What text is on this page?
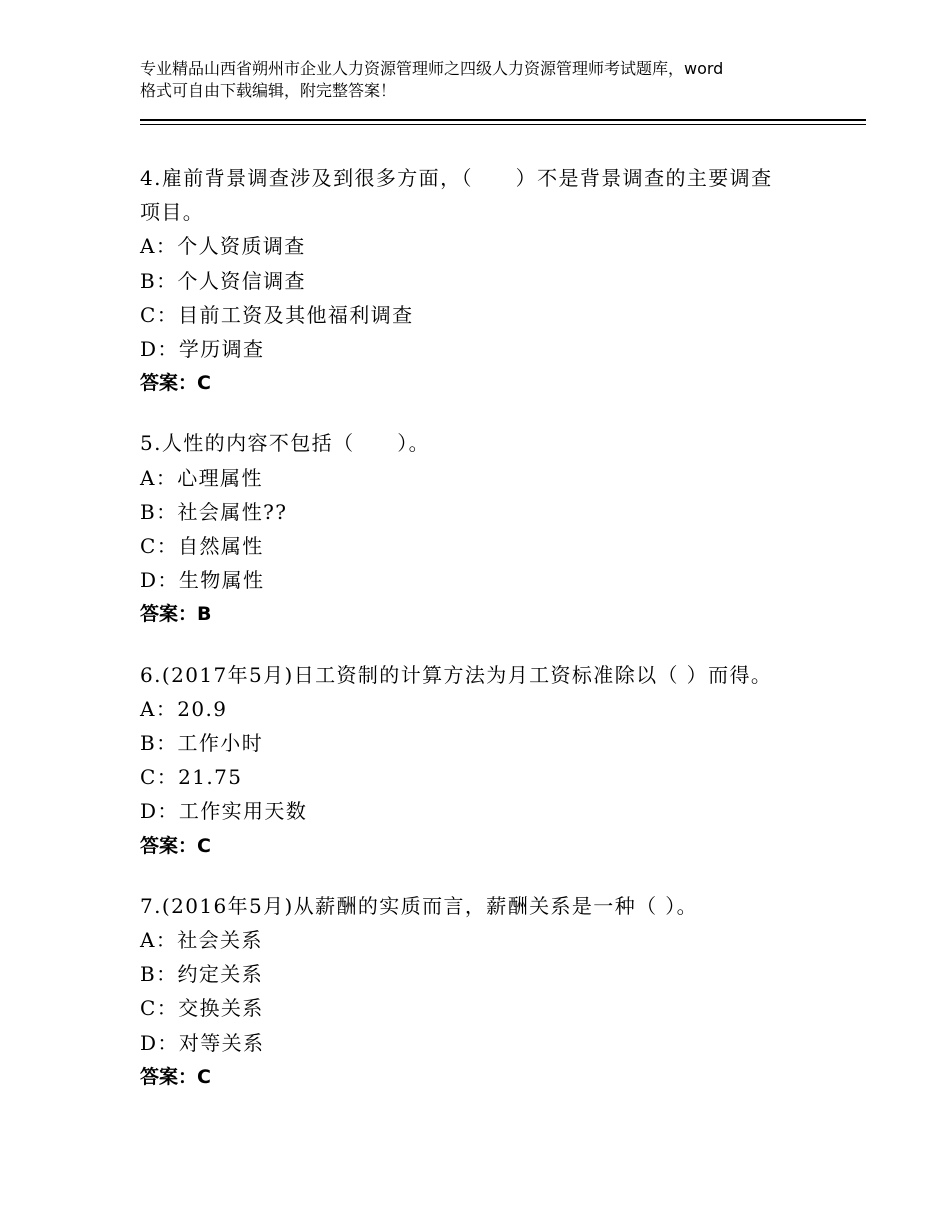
专业精品山西省朔州市企业人力资源管理师之四级人力资源管理师考试题库，word
格式可自由下载编辑，附完整答案！
4.雇前背景调查涉及到很多方面，（　　）不是背景调查的主要调查
项目。
A：个人资质调查
B：个人资信调查
C：目前工资及其他福利调查
D：学历调查
答案：C
5.人性的内容不包括（　　）。
A：心理属性
B：社会属性??
C：自然属性
D：生物属性
答案：B
6.(2017年5月)日工资制的计算方法为月工资标准除以（ ）而得。
A：20.9
B：工作小时
C：21.75
D：工作实用天数
答案：C
7.(2016年5月)从薪酬的实质而言，薪酬关系是一种（ ）。
A：社会关系
B：约定关系
C：交换关系
D：对等关系
答案：C
